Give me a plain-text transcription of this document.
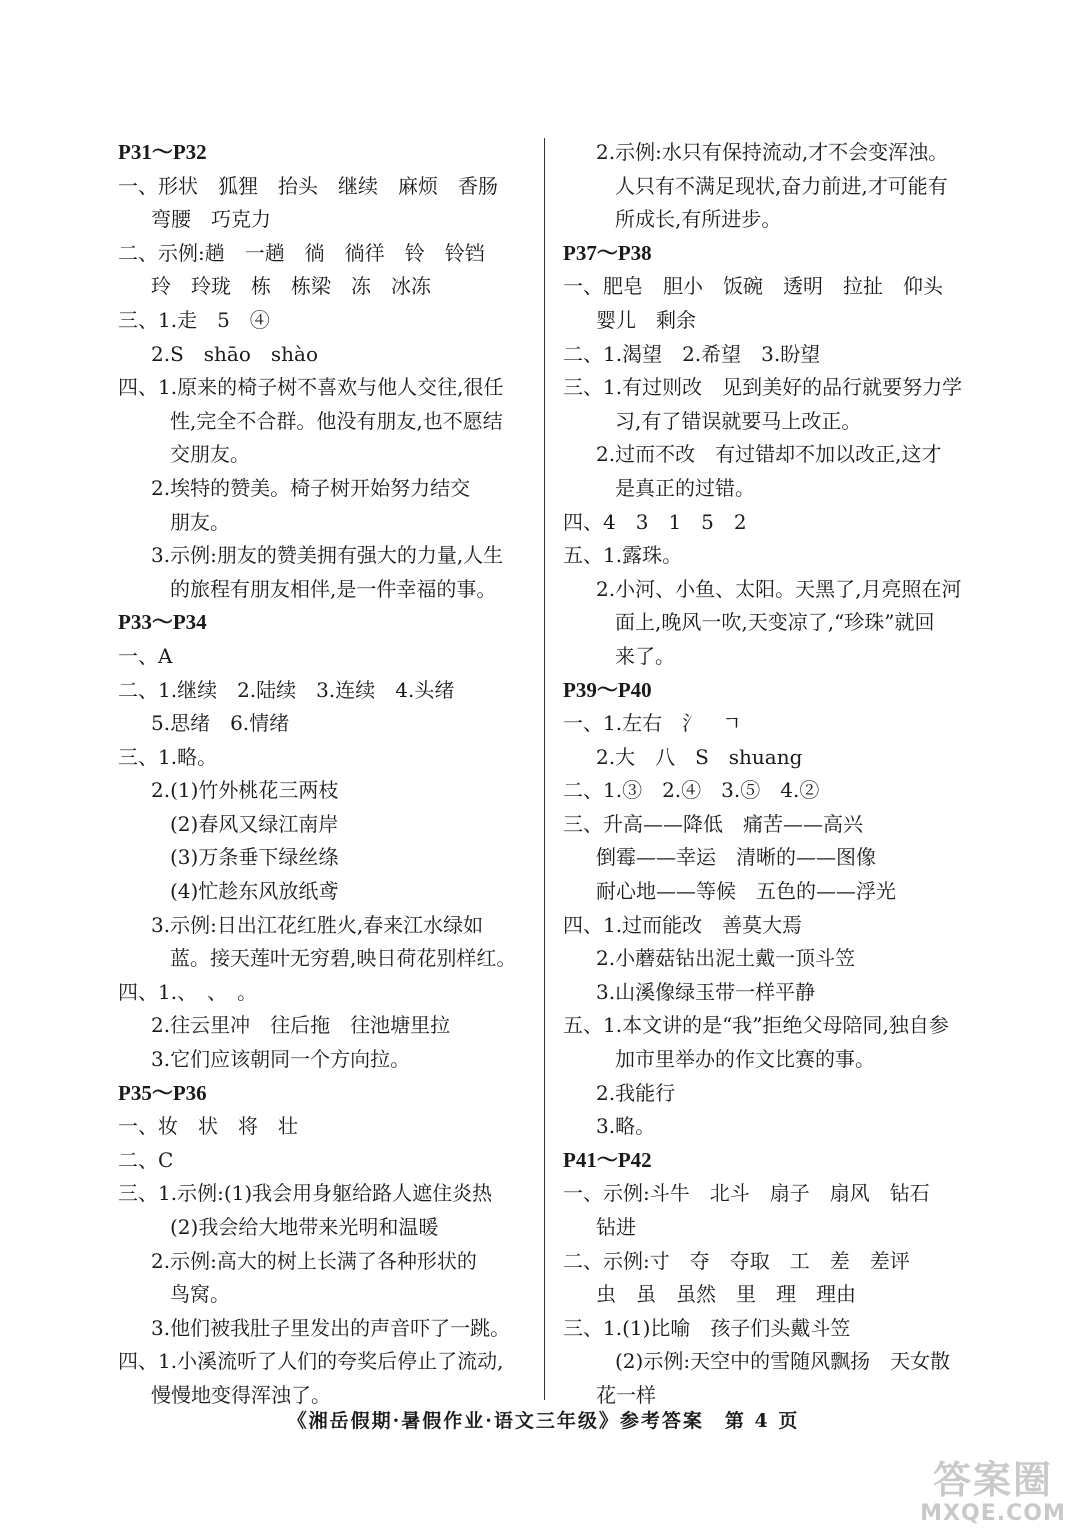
P31～P32
一、形状　狐狸　抬头　继续　麻烦　香肠
弯腰　巧克力
二、示例:趟　一趟　徜　徜徉　铃　铃铛
玲　玲珑　栋　栋梁　冻　冰冻
三、1.走　5　④
2.S　shāo　shào
四、1.原来的椅子树不喜欢与他人交往,很任
性,完全不合群。他没有朋友,也不愿结
交朋友。
2.埃特的赞美。椅子树开始努力结交
朋友。
3.示例:朋友的赞美拥有强大的力量,人生
的旅程有朋友相伴,是一件幸福的事。
P33～P34
一、A
二、1.继续　2.陆续　3.连续　4.头绪
5.思绪　6.情绪
三、1.略。
2.(1)竹外桃花三两枝
(2)春风又绿江南岸
(3)万条垂下绿丝绦
(4)忙趁东风放纸鸢
3.示例:日出江花红胜火,春来江水绿如
蓝。接天莲叶无穷碧,映日荷花别样红。
四、1.、　、　。
2.往云里冲　往后拖　往池塘里拉
3.它们应该朝同一个方向拉。
P35～P36
一、妆　状　将　壮
二、C
三、1.示例:(1)我会用身躯给路人遮住炎热
(2)我会给大地带来光明和温暖
2.示例:高大的树上长满了各种形状的
鸟窝。
3.他们被我肚子里发出的声音吓了一跳。
四、1.小溪流听了人们的夸奖后停止了流动,
慢慢地变得浑浊了。
2.示例:水只有保持流动,才不会变浑浊。
人只有不满足现状,奋力前进,才可能有
所成长,有所进步。
P37～P38
一、肥皂　胆小　饭碗　透明　拉扯　仰头
婴儿　剩余
二、1.渴望　2.希望　3.盼望
三、1.有过则改　见到美好的品行就要努力学
习,有了错误就要马上改正。
2.过而不改　有过错却不加以改正,这才
是真正的过错。
四、4　3　1　5　2
五、1.露珠。
2.小河、小鱼、太阳。天黑了,月亮照在河
面上,晚风一吹,天变凉了,“珍珠”就回
来了。
P39～P40
一、1.左右　氵　ㄱ
2.大　八　S　shuang
二、1.③　2.④　3.⑤　4.②
三、升高——降低　痛苦——高兴
倒霉——幸运　清晰的——图像
耐心地——等候　五色的——浮光
四、1.过而能改　善莫大焉
2.小蘑菇钻出泥土戴一顶斗笠
3.山溪像绿玉带一样平静
五、1.本文讲的是“我”拒绝父母陪同,独自参
加市里举办的作文比赛的事。
2.我能行
3.略。
P41～P42
一、示例:斗牛　北斗　扇子　扇风　钻石
钻进
二、示例:寸　夺　夺取　工　差　差评
虫　虽　虽然　里　理　理由
三、1.(1)比喻　孩子们头戴斗笠
(2)示例:天空中的雪随风飘扬　天女散
花一样
《湘岳假期·暑假作业·语文三年级》参考答案　第 4 页
答案圈
MXQE.COM
